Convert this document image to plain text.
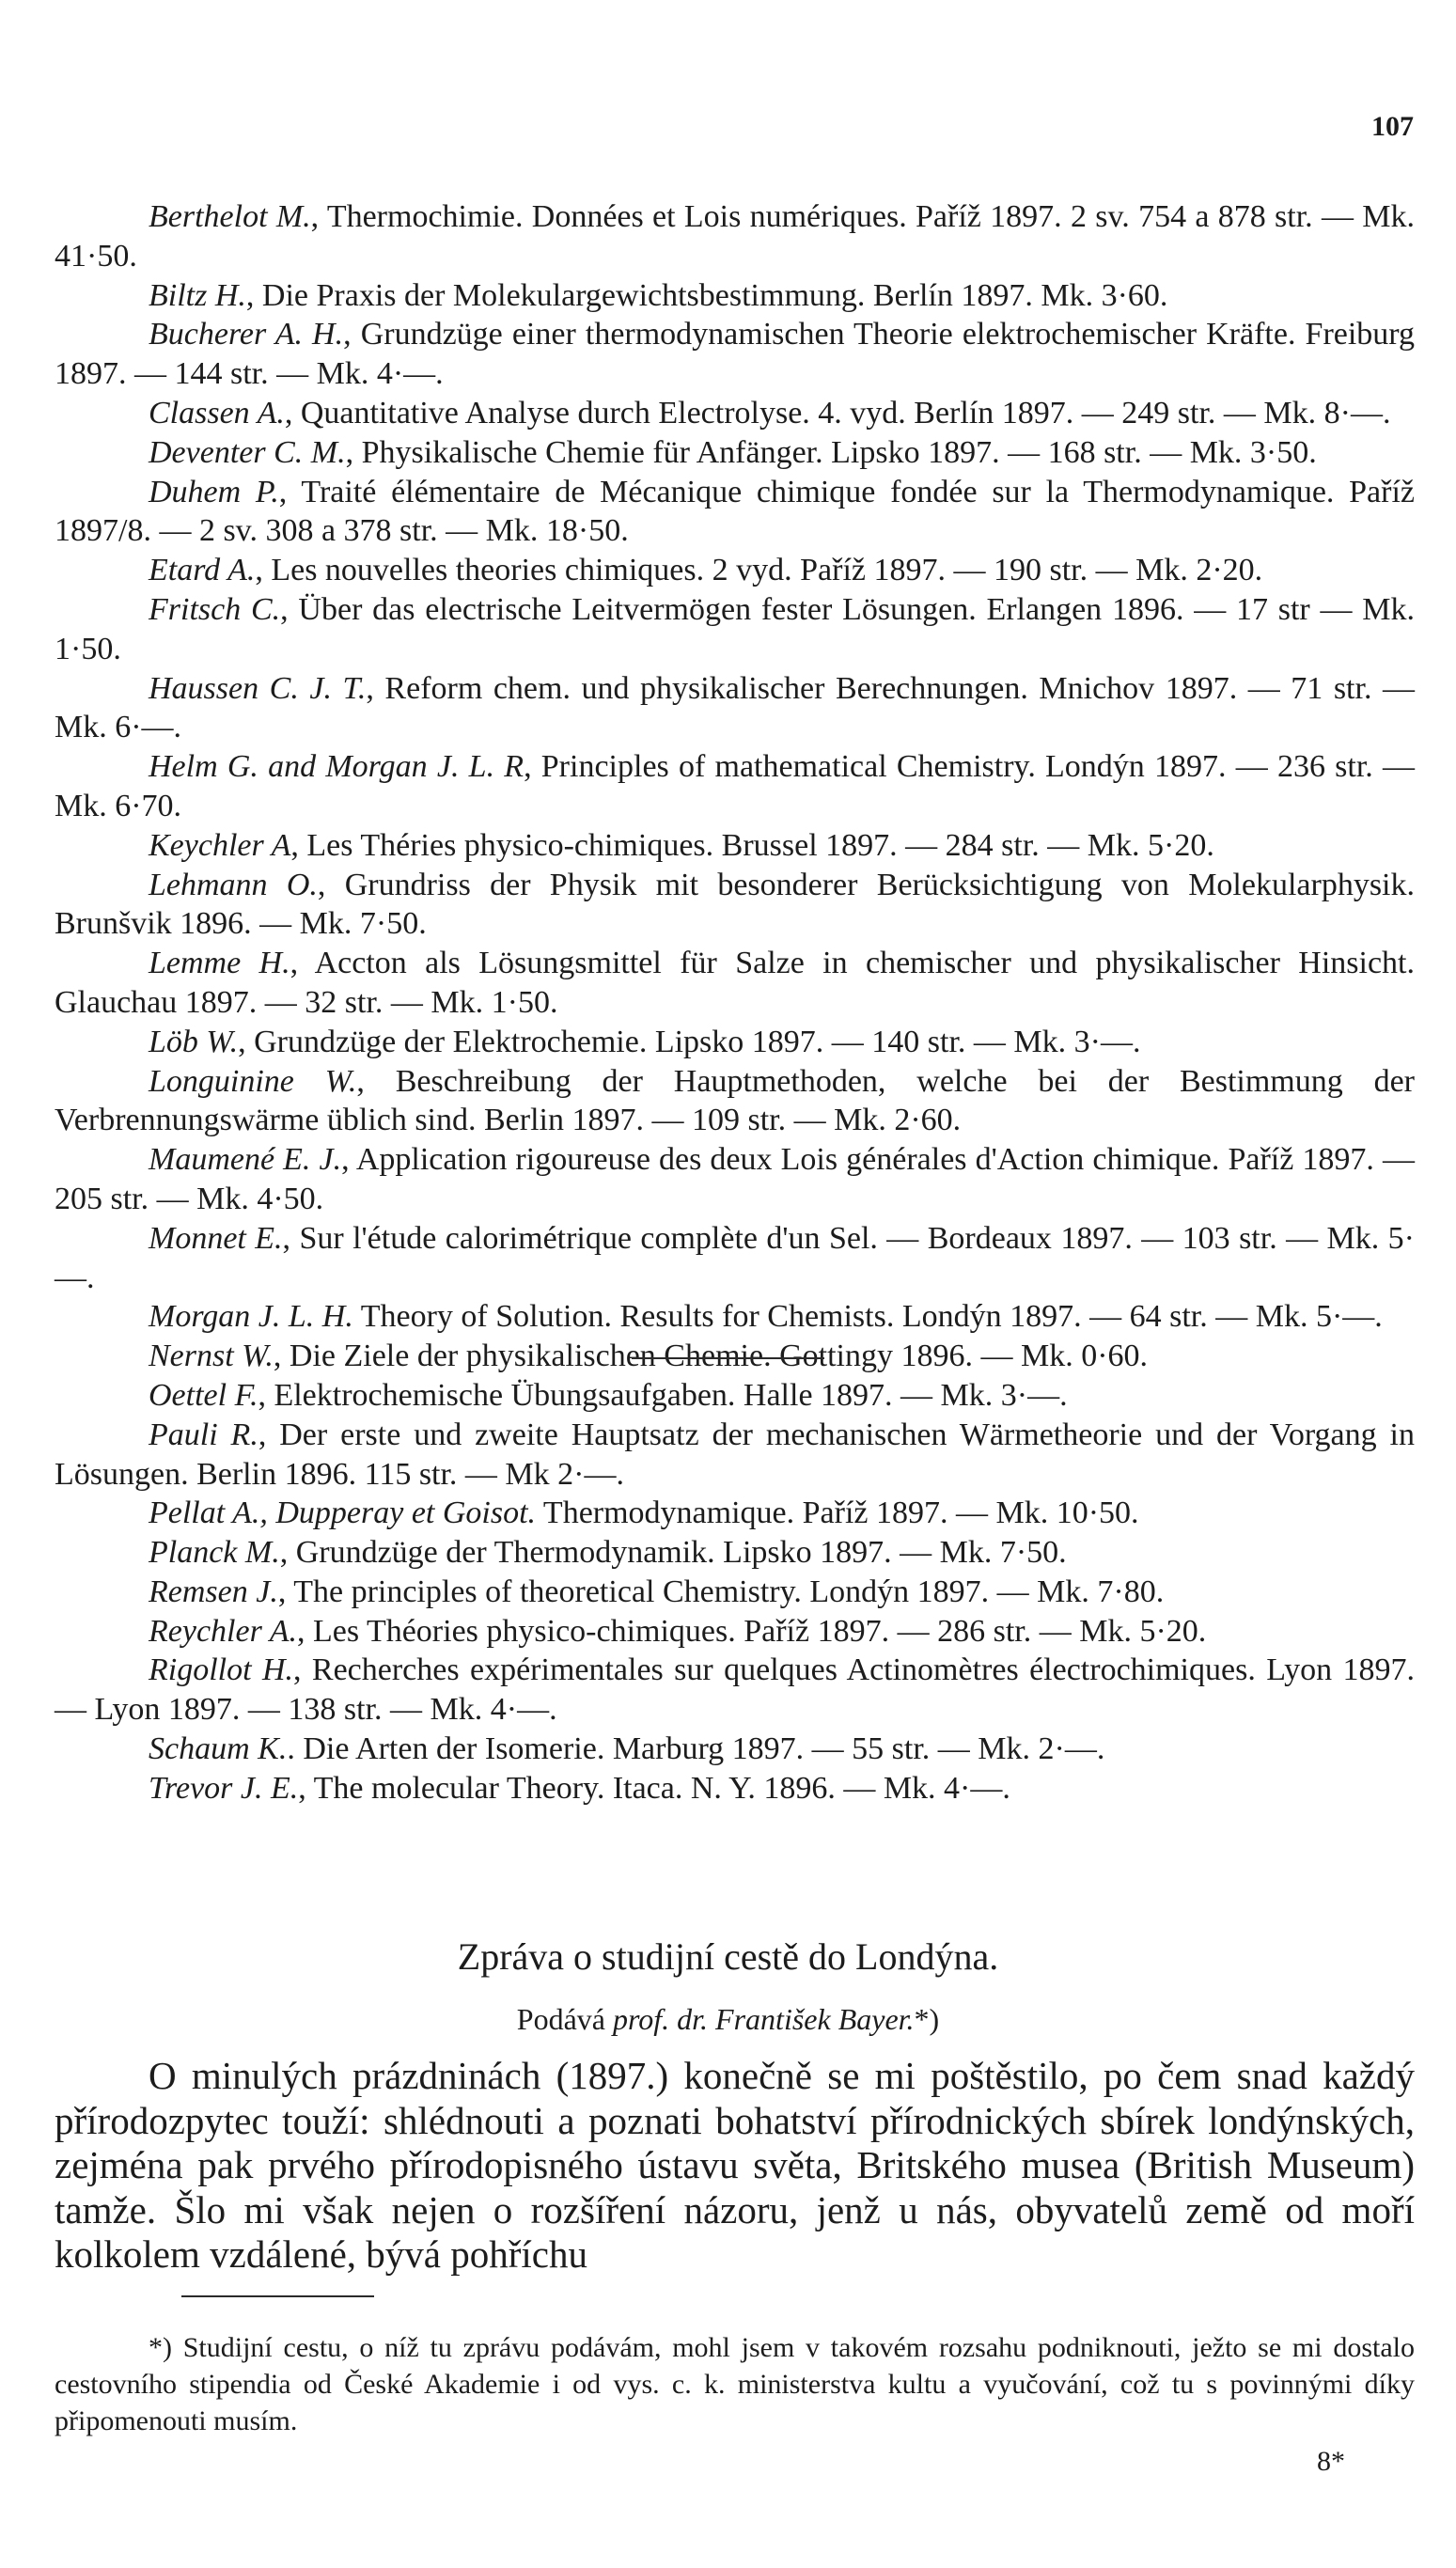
107
Berthelot M., Thermochimie. Données et Lois numériques. Paříž 1897. 2 sv. 754 a 878 str. — Mk. 41·50.
Biltz H., Die Praxis der Molekulargewichtsbestimmung. Berlín 1897. Mk. 3·60.
Bucherer A. H., Grundzüge einer thermodynamischen Theorie elektrochemischer Kräfte. Freiburg 1897. — 144 str. — Mk. 4·—.
Classen A., Quantitative Analyse durch Electrolyse. 4. vyd. Berlín 1897. — 249 str. — Mk. 8·—.
Deventer C. M., Physikalische Chemie für Anfänger. Lipsko 1897. — 168 str. — Mk. 3·50.
Duhem P., Traité élémentaire de Mécanique chimique fondée sur la Thermodynamique. Paříž 1897/8. — 2 sv. 308 a 378 str. — Mk. 18·50.
Etard A., Les nouvelles theories chimiques. 2 vyd. Paříž 1897. — 190 str. — Mk. 2·20.
Fritsch C., Über das electrische Leitvermögen fester Lösungen. Erlangen 1896. — 17 str — Mk. 1·50.
Haussen C. J. T., Reform chem. und physikalischer Berechnungen. Mnichov 1897. — 71 str. — Mk. 6·—.
Helm G. and Morgan J. L. R, Principles of mathematical Chemistry. Londýn 1897. — 236 str. — Mk. 6·70.
Keychler A, Les Théries physico-chimiques. Brussel 1897. — 284 str. — Mk. 5·20.
Lehmann O., Grundriss der Physik mit besonderer Berücksichtigung von Molekularphysik. Brunšvik 1896. — Mk. 7·50.
Lemme H., Accton als Lösungsmittel für Salze in chemischer und physikalischer Hinsicht. Glauchau 1897. — 32 str. — Mk. 1·50.
Löb W., Grundzüge der Elektrochemie. Lipsko 1897. — 140 str. — Mk. 3·—.
Longuinine W., Beschreibung der Hauptmethoden, welche bei der Bestimmung der Verbrennungswärme üblich sind. Berlin 1897. — 109 str. — Mk. 2·60.
Maumené E. J., Application rigoureuse des deux Lois générales d'Action chimique. Paříž 1897. — 205 str. — Mk. 4·50.
Monnet E., Sur l'étude calorimétrique complète d'un Sel. — Bordeaux 1897. — 103 str. — Mk. 5·—.
Morgan J. L. H. Theory of Solution. Results for Chemists. Londýn 1897. — 64 str. — Mk. 5·—.
Nernst W., Die Ziele der physikalischen Chemie. Gottingy 1896. — Mk. 0·60.
Oettel F., Elektrochemische Übungsaufgaben. Halle 1897. — Mk. 3·—.
Pauli R., Der erste und zweite Hauptsatz der mechanischen Wärmetheorie und der Vorgang in Lösungen. Berlin 1896. 115 str. — Mk 2·—.
Pellat A., Dupperay et Goisot. Thermodynamique. Paříž 1897. — Mk. 10·50.
Planck M., Grundzüge der Thermodynamik. Lipsko 1897. — Mk. 7·50.
Remsen J., The principles of theoretical Chemistry. Londýn 1897. — Mk. 7·80.
Reychler A., Les Théories physico-chimiques. Paříž 1897. — 286 str. — Mk. 5·20.
Rigollot H., Recherches expérimentales sur quelques Actinomètres électrochimiques. Lyon 1897. — Lyon 1897. — 138 str. — Mk. 4·—.
Schaum K.. Die Arten der Isomerie. Marburg 1897. — 55 str. — Mk. 2·—.
Trevor J. E., The molecular Theory. Itaca. N. Y. 1896. — Mk. 4·—.
Zpráva o studijní cestě do Londýna.
Podává prof. dr. František Bayer.*)
O minulých prázdninách (1897.) konečně se mi poštěstilo, po čem snad každý přírodozpytec touží: shlédnouti a poznati bohatství přírodnických sbírek londýnských, zejména pak prvého přírodopisného ústavu světa, Britského musea (British Museum) tamže. Šlo mi však nejen o rozšíření názoru, jenž u nás, obyvatelů země od moří kolkolem vzdálené, bývá pohříchu
*) Studijní cestu, o níž tu zprávu podávám, mohl jsem v takovém rozsahu podniknouti, ježto se mi dostalo cestovního stipendia od České Akademie i od vys. c. k. ministerstva kultu a vyučování, což tu s povinnými díky připomenouti musím.
8*
